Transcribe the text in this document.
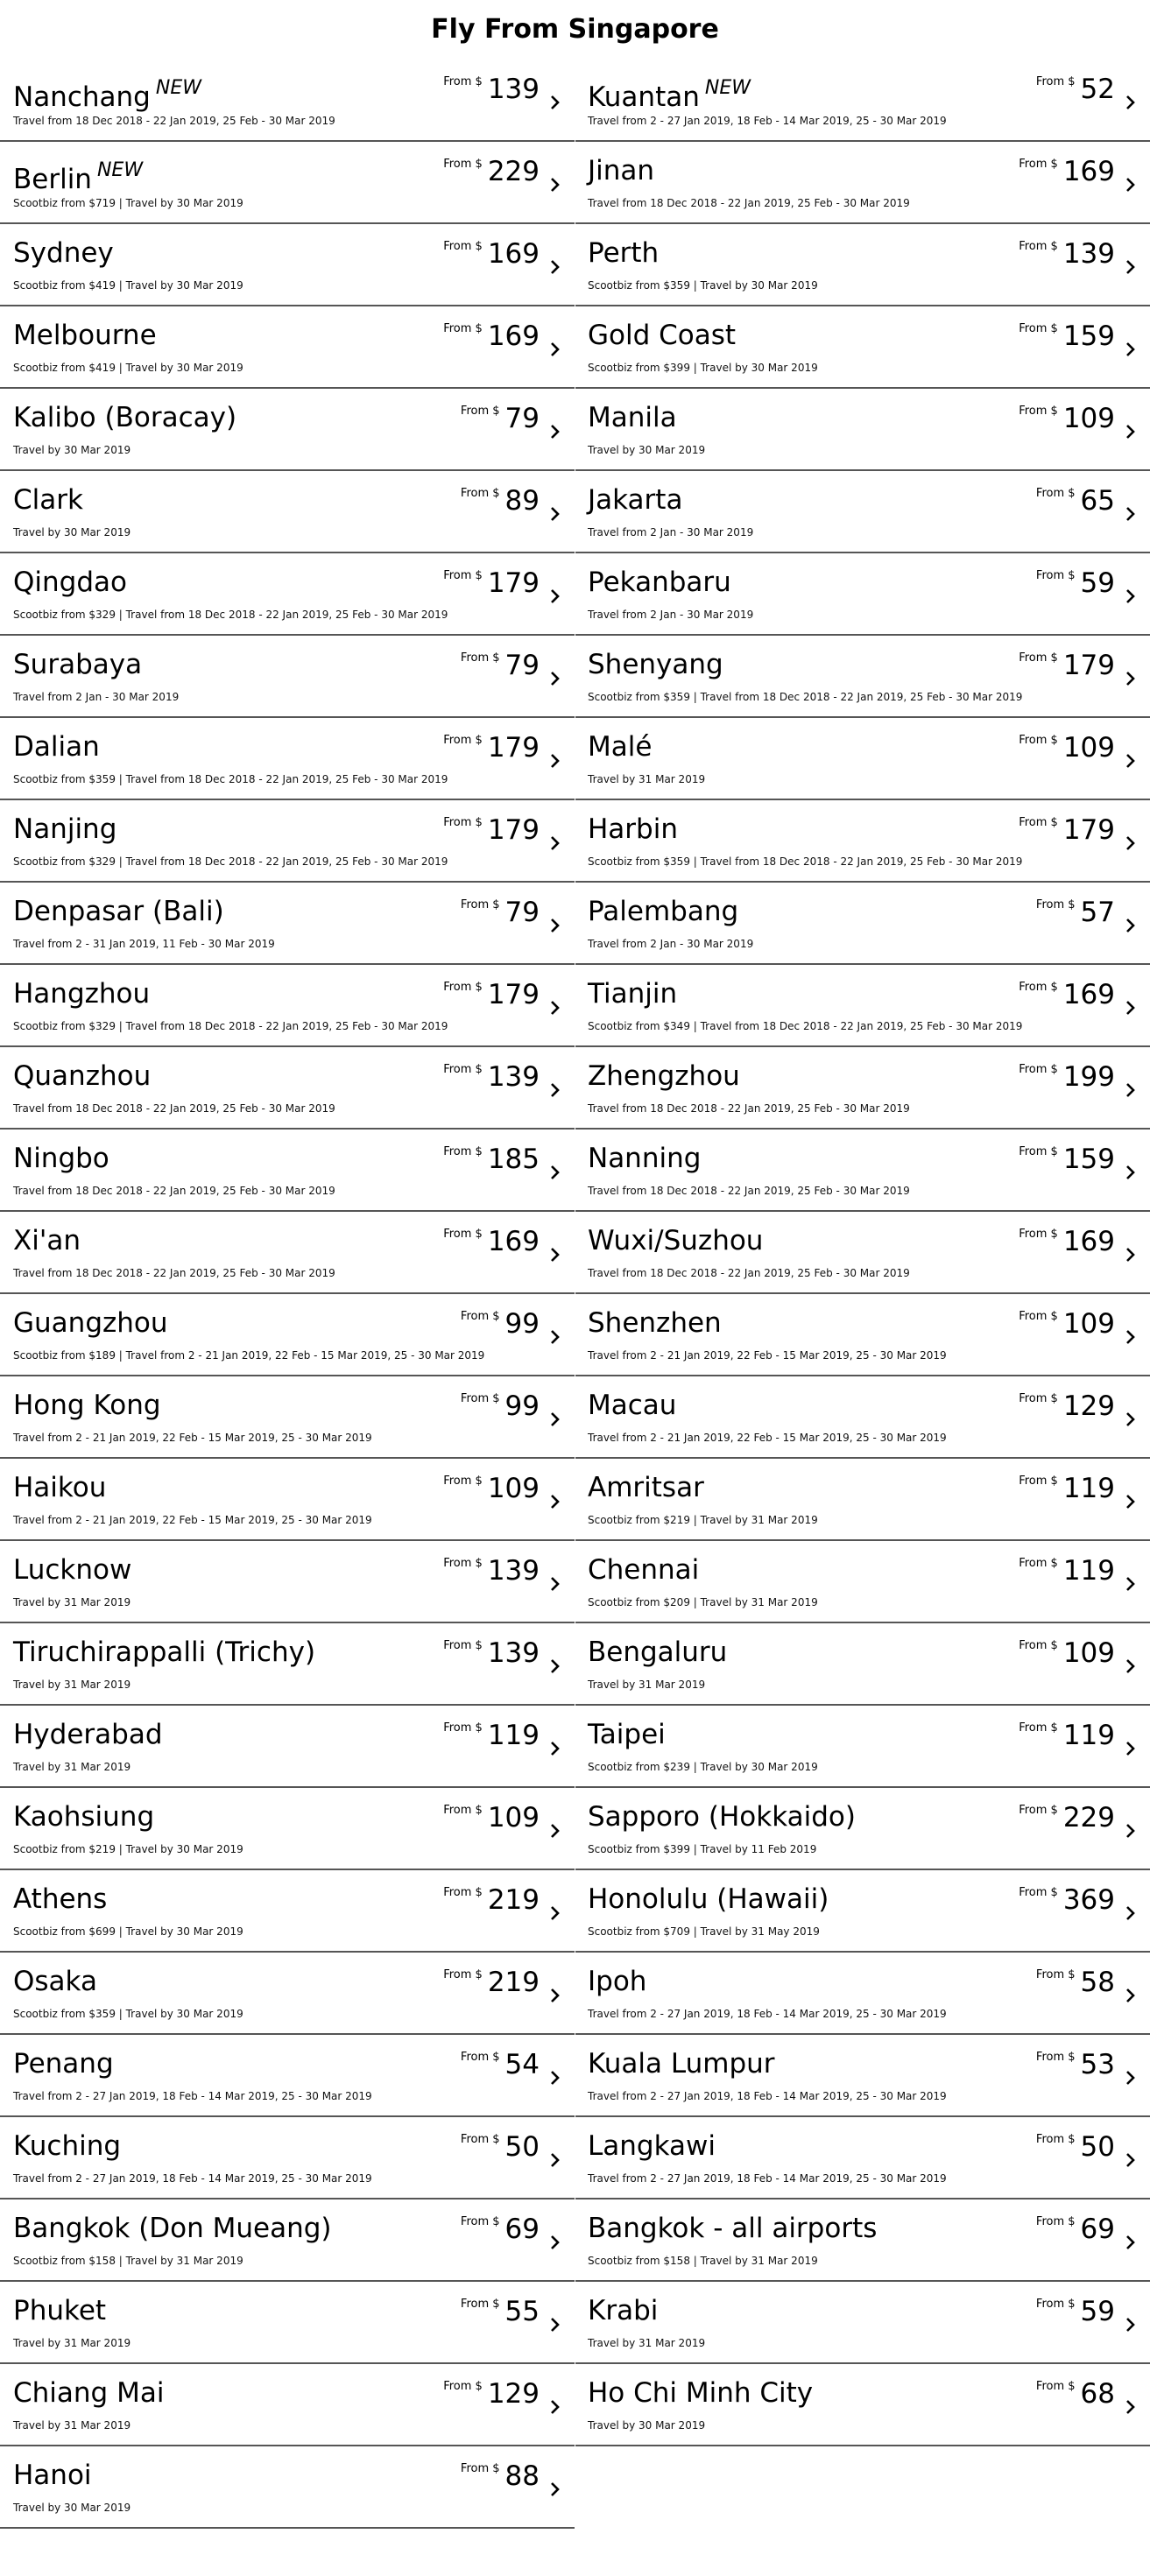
Fly From Singapore
Nanchang $^{NEW}$
Travel from 18 Dec 2018 - 22 Jan 2019, 25 Feb - 30 Mar 2019
From $ 139 Kuantan $^{NEW}$
Travel from 2 - 27 Jan 2019, 18 Feb - 14 Mar 2019, 25 - 30 Mar 2019
From $ 52
Berlin $^{NEW}$
Scootbiz from $719 | Travel by 30 Mar 2019
From $ 229 Jinan
Travel from 18 Dec 2018 - 22 Jan 2019, 25 Feb - 30 Mar 2019
From $ 169
Sydney
Scootbiz from $419 | Travel by 30 Mar 2019
From $ 169 Perth
Scootbiz from $359 | Travel by 30 Mar 2019
From $ 139
Melbourne
Scootbiz from $419 | Travel by 30 Mar 2019
From $ 169 Gold Coast
Scootbiz from $399 | Travel by 30 Mar 2019
From $ 159
Kalibo (Boracay)
Travel by 30 Mar 2019
From $ 79 Manila
Travel by 30 Mar 2019
From $ 109
Clark
Travel by 30 Mar 2019
From $ 89 Jakarta
Travel from 2 Jan - 30 Mar 2019
From $ 65
Qingdao
Scootbiz from $329 | Travel from 18 Dec 2018 - 22 Jan 2019, 25 Feb - 30 Mar 2019
From $ 179 Pekanbaru
Travel from 2 Jan - 30 Mar 2019
From $ 59
Surabaya
Travel from 2 Jan - 30 Mar 2019
From $ 79 Shenyang
Scootbiz from $359 | Travel from 18 Dec 2018 - 22 Jan 2019, 25 Feb - 30 Mar 2019
From $ 179
Dalian
Scootbiz from $359 | Travel from 18 Dec 2018 - 22 Jan 2019, 25 Feb - 30 Mar 2019
From $ 179 Malé
Travel by 31 Mar 2019
From $ 109
Nanjing
Scootbiz from $329 | Travel from 18 Dec 2018 - 22 Jan 2019, 25 Feb - 30 Mar 2019
From $ 179 Harbin
Scootbiz from $359 | Travel from 18 Dec 2018 - 22 Jan 2019, 25 Feb - 30 Mar 2019
From $ 179
Denpasar (Bali)
Travel from 2 - 31 Jan 2019, 11 Feb - 30 Mar 2019
From $ 79 Palembang
Travel from 2 Jan - 30 Mar 2019
From $ 57
Hangzhou
Scootbiz from $329 | Travel from 18 Dec 2018 - 22 Jan 2019, 25 Feb - 30 Mar 2019
From $ 179 Tianjin
Scootbiz from $349 | Travel from 18 Dec 2018 - 22 Jan 2019, 25 Feb - 30 Mar 2019
From $ 169
Quanzhou
Travel from 18 Dec 2018 - 22 Jan 2019, 25 Feb - 30 Mar 2019
From $ 139 Zhengzhou
Travel from 18 Dec 2018 - 22 Jan 2019, 25 Feb - 30 Mar 2019
From $ 199
Ningbo
Travel from 18 Dec 2018 - 22 Jan 2019, 25 Feb - 30 Mar 2019
From $ 185 Nanning
Travel from 18 Dec 2018 - 22 Jan 2019, 25 Feb - 30 Mar 2019
From $ 159
Xi'an
Travel from 18 Dec 2018 - 22 Jan 2019, 25 Feb - 30 Mar 2019
From $ 169 Wuxi/Suzhou
Travel from 18 Dec 2018 - 22 Jan 2019, 25 Feb - 30 Mar 2019
From $ 169
Guangzhou
Scootbiz from $189 | Travel from 2 - 21 Jan 2019, 22 Feb - 15 Mar 2019, 25 - 30 Mar 2019
From $ 99 Shenzhen
Travel from 2 - 21 Jan 2019, 22 Feb - 15 Mar 2019, 25 - 30 Mar 2019
From $ 109
Hong Kong
Travel from 2 - 21 Jan 2019, 22 Feb - 15 Mar 2019, 25 - 30 Mar 2019
From $ 99 Macau
Travel from 2 - 21 Jan 2019, 22 Feb - 15 Mar 2019, 25 - 30 Mar 2019
From $ 129
Haikou
Travel from 2 - 21 Jan 2019, 22 Feb - 15 Mar 2019, 25 - 30 Mar 2019
From $ 109 Amritsar
Scootbiz from $219 | Travel by 31 Mar 2019
From $ 119
Lucknow
Travel by 31 Mar 2019
From $ 139 Chennai
Scootbiz from $209 | Travel by 31 Mar 2019
From $ 119
Tiruchirappalli (Trichy)
Travel by 31 Mar 2019
From $ 139 Bengaluru
Travel by 31 Mar 2019
From $ 109
Hyderabad
Travel by 31 Mar 2019
From $ 119 Taipei
Scootbiz from $239 | Travel by 30 Mar 2019
From $ 119
Kaohsiung
Scootbiz from $219 | Travel by 30 Mar 2019
From $ 109 Sapporo (Hokkaido)
Scootbiz from $399 | Travel by 11 Feb 2019
From $ 229
Athens
Scootbiz from $699 | Travel by 30 Mar 2019
From $ 219 Honolulu (Hawaii)
Scootbiz from $709 | Travel by 31 May 2019
From $ 369
Osaka
Scootbiz from $359 | Travel by 30 Mar 2019
From $ 219 Ipoh
Travel from 2 - 27 Jan 2019, 18 Feb - 14 Mar 2019, 25 - 30 Mar 2019
From $ 58
Penang
Travel from 2 - 27 Jan 2019, 18 Feb - 14 Mar 2019, 25 - 30 Mar 2019
From $ 54 Kuala Lumpur
Travel from 2 - 27 Jan 2019, 18 Feb - 14 Mar 2019, 25 - 30 Mar 2019
From $ 53
Kuching
Travel from 2 - 27 Jan 2019, 18 Feb - 14 Mar 2019, 25 - 30 Mar 2019
From $ 50 Langkawi
Travel from 2 - 27 Jan 2019, 18 Feb - 14 Mar 2019, 25 - 30 Mar 2019
From $ 50
Bangkok (Don Mueang)
Scootbiz from $158 | Travel by 31 Mar 2019
From $ 69 Bangkok - all airports
Scootbiz from $158 | Travel by 31 Mar 2019
From $ 69
Phuket
Travel by 31 Mar 2019
From $ 55 Krabi
Travel by 31 Mar 2019
From $ 59
Chiang Mai
Travel by 31 Mar 2019
From $ 129 Ho Chi Minh City
Travel by 30 Mar 2019
From $ 68
Hanoi
Travel by 30 Mar 2019
From $ 88
